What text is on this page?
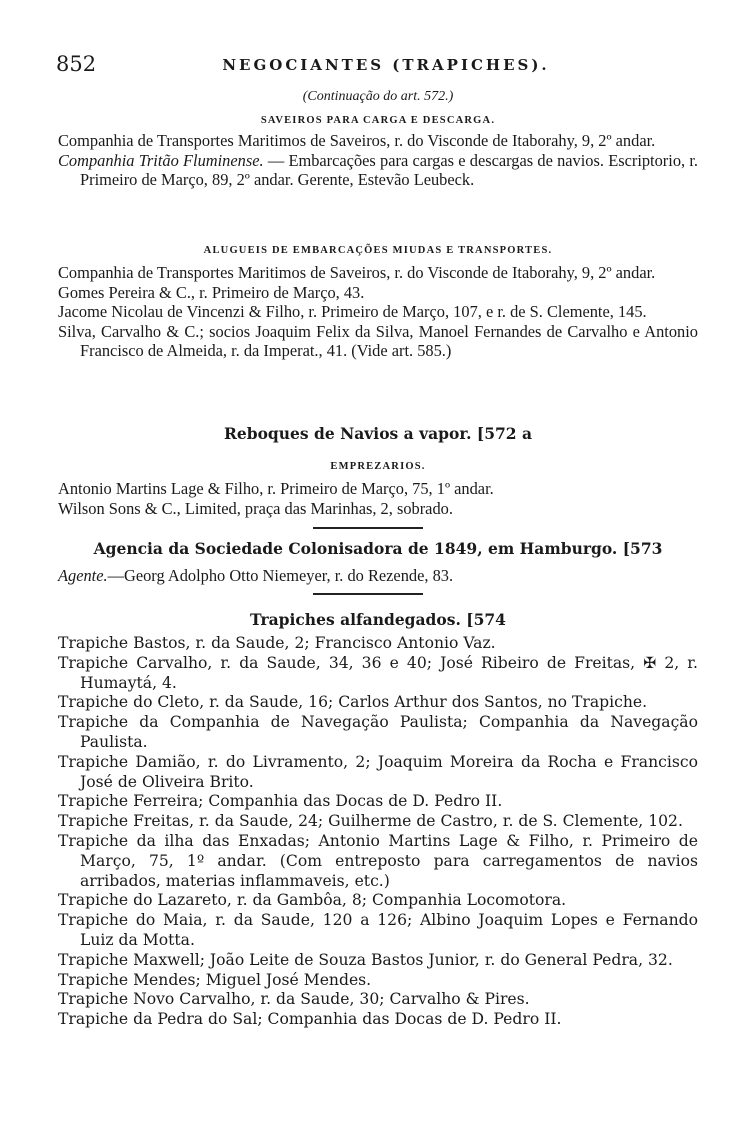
852	NEGOCIANTES (TRAPICHES).
(Continuação do art. 572.)
SAVEIROS PARA CARGA E DESCARGA.
Companhia de Transportes Maritimos de Saveiros, r. do Visconde de Itaborahy, 9, 2º andar.
Companhia Tritão Fluminense. — Embarcações para cargas e descargas de navios. Escriptorio, r. Primeiro de Março, 89, 2º andar. Gerente, Estevão Leubeck.
ALUGUEIS DE EMBARCAÇÕES MIUDAS E TRANSPORTES.
Companhia de Transportes Maritimos de Saveiros, r. do Visconde de Itaborahy, 9, 2º andar.
Gomes Pereira & C., r. Primeiro de Março, 43.
Jacome Nicolau de Vincenzi & Filho, r. Primeiro de Março, 107, e r. de S. Clemente, 145.
Silva, Carvalho & C.; socios Joaquim Felix da Silva, Manoel Fernandes de Carvalho e Antonio Francisco de Almeida, r. da Imperat., 41. (Vide art. 585.)
Reboques de Navios a vapor. [572 a
EMPREZARIOS.
Antonio Martins Lage & Filho, r. Primeiro de Março, 75, 1º andar.
Wilson Sons & C., Limited, praça das Marinhas, 2, sobrado.
Agencia da Sociedade Colonisadora de 1849, em Hamburgo. [573
Agente.—Georg Adolpho Otto Niemeyer, r. do Rezende, 83.
Trapiches alfandegados. [574
Trapiche Bastos, r. da Saude, 2; Francisco Antonio Vaz.
Trapiche Carvalho, r. da Saude, 34, 36 e 40; José Ribeiro de Freitas, ✠ 2, r. Humaytá, 4.
Trapiche do Cleto, r. da Saude, 16; Carlos Arthur dos Santos, no Trapiche.
Trapiche da Companhia de Navegação Paulista; Companhia da Navegação Paulista.
Trapiche Damião, r. do Livramento, 2; Joaquim Moreira da Rocha e Francisco José de Oliveira Brito.
Trapiche Ferreira; Companhia das Docas de D. Pedro II.
Trapiche Freitas, r. da Saude, 24; Guilherme de Castro, r. de S. Clemente, 102.
Trapiche da ilha das Enxadas; Antonio Martins Lage & Filho, r. Primeiro de Março, 75, 1º andar. (Com entreposto para carregamentos de navios arribados, materias inflammaveis, etc.)
Trapiche do Lazareto, r. da Gambôa, 8; Companhia Locomotora.
Trapiche do Maia, r. da Saude, 120 a 126; Albino Joaquim Lopes e Fernando Luiz da Motta.
Trapiche Maxwell; João Leite de Souza Bastos Junior, r. do General Pedra, 32.
Trapiche Mendes; Miguel José Mendes.
Trapiche Novo Carvalho, r. da Saude, 30; Carvalho & Pires.
Trapiche da Pedra do Sal; Companhia das Docas de D. Pedro II.
